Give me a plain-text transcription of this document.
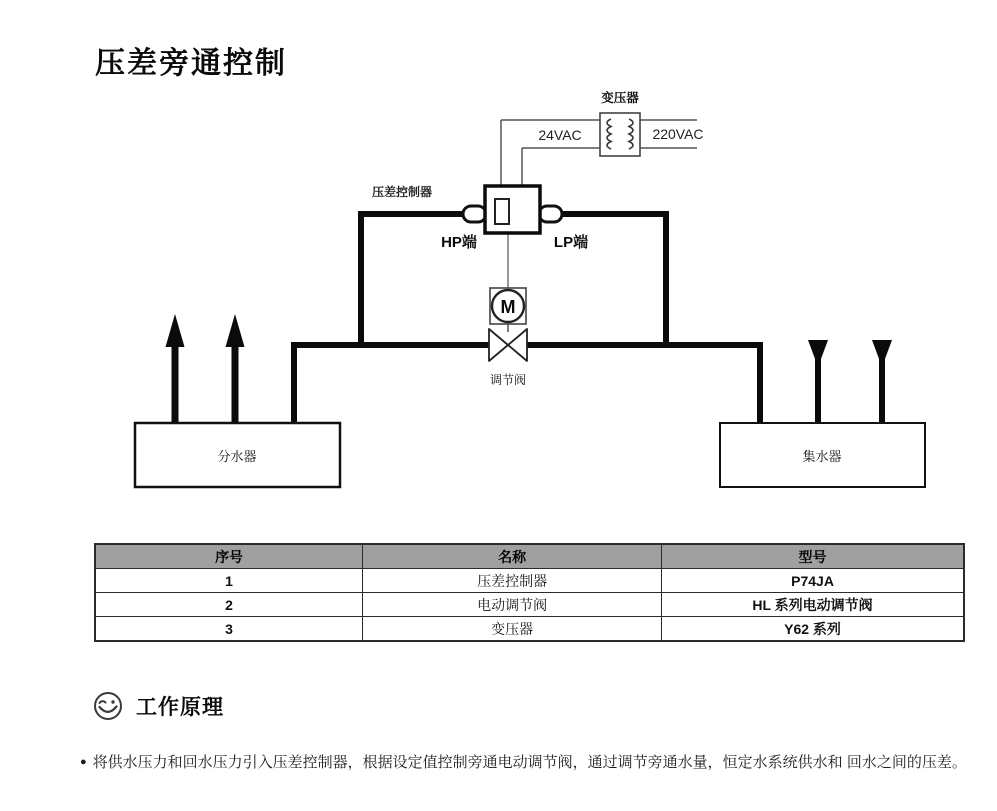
压差旁通控制
分水器	集水器
变压器
24VAC	220VAC
压差控制器
HP端	LP端
M
调节阀
序号	名称	型号
1	压差控制器	P74JA
2	电动调节阀	HL 系列电动调节阀
3	变压器	Y62 系列
工作原理

● 将供水压力和回水压力引入压差控制器，根据设定值控制旁通电动调节阀，通过调节旁通水量，恒定水系统供水和 回水之间的压差。
